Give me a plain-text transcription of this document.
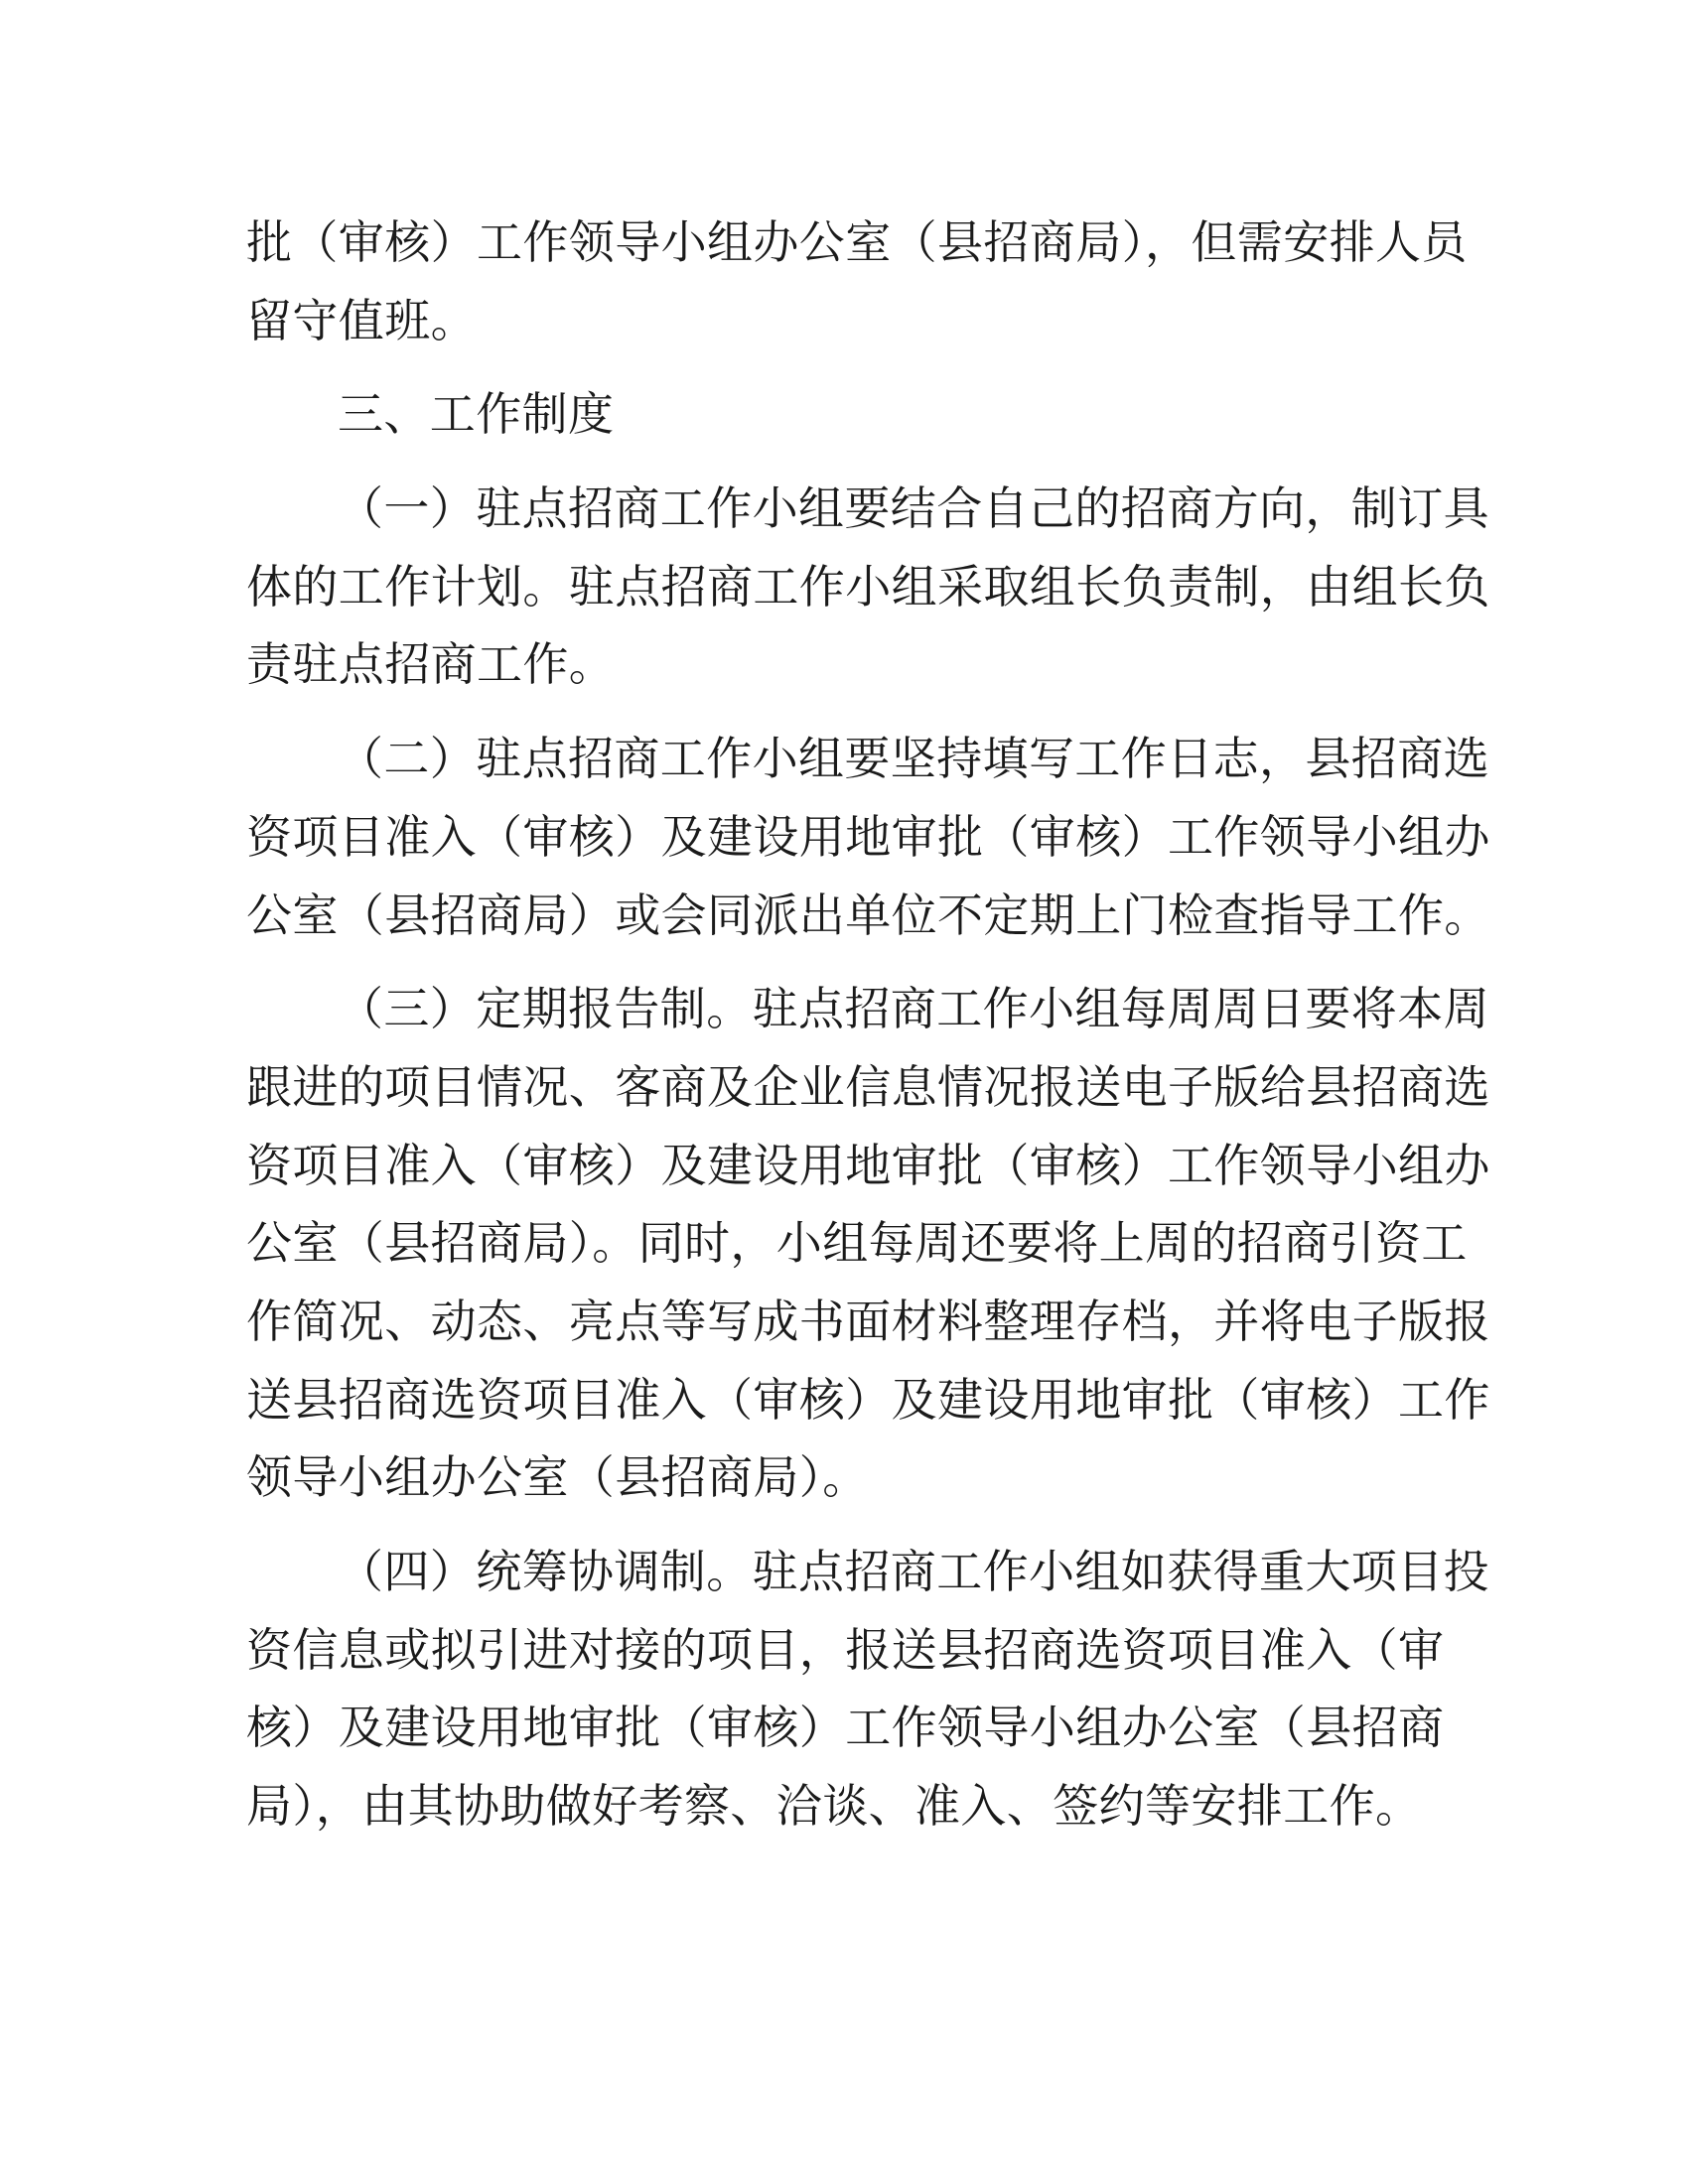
批（审核）工作领导小组办公室（县招商局），但需安排人员
留守值班。
三、工作制度
（一）驻点招商工作小组要结合自己的招商方向，制订具
体的工作计划。驻点招商工作小组采取组长负责制，由组长负
责驻点招商工作。
（二）驻点招商工作小组要坚持填写工作日志，县招商选
资项目准入（审核）及建设用地审批（审核）工作领导小组办
公室（县招商局）或会同派出单位不定期上门检查指导工作。
（三）定期报告制。驻点招商工作小组每周周日要将本周
跟进的项目情况、客商及企业信息情况报送电子版给县招商选
资项目准入（审核）及建设用地审批（审核）工作领导小组办
公室（县招商局）。同时，小组每周还要将上周的招商引资工
作简况、动态、亮点等写成书面材料整理存档，并将电子版报
送县招商选资项目准入（审核）及建设用地审批（审核）工作
领导小组办公室（县招商局）。
（四）统筹协调制。驻点招商工作小组如获得重大项目投
资信息或拟引进对接的项目，报送县招商选资项目准入（审
核）及建设用地审批（审核）工作领导小组办公室（县招商
局），由其协助做好考察、洽谈、准入、签约等安排工作。
